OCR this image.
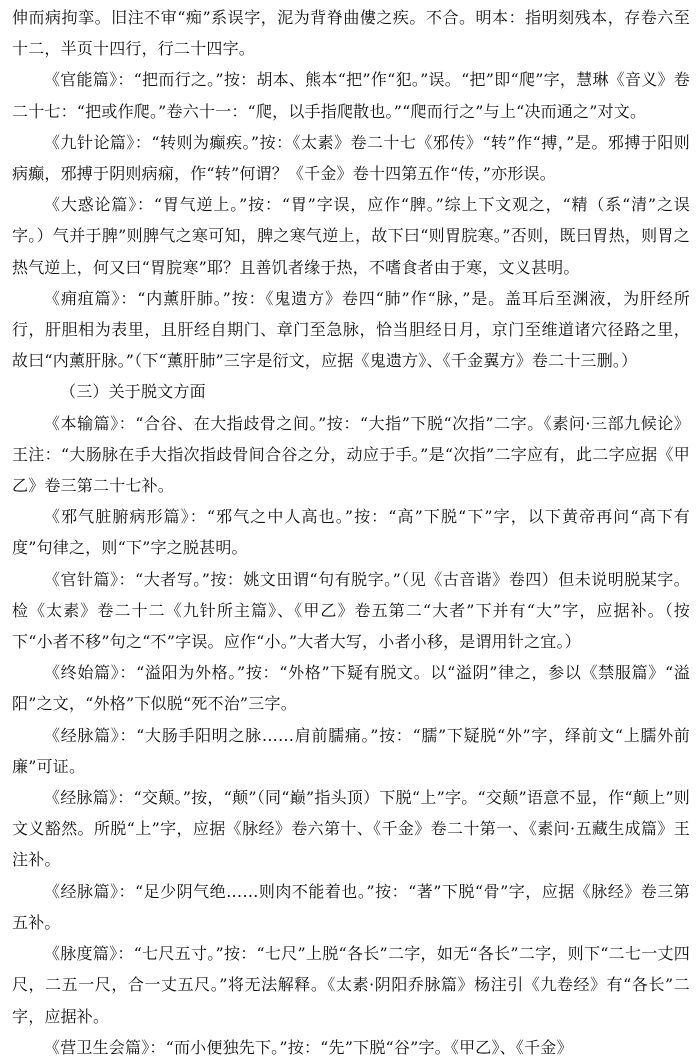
伸而病拘挛。旧注不审“痴”系误字，泥为背脊曲僂之疾。不合。明本：指明刻残本，存卷六至十二，半页十四行，行二十四字。

《官能篇》：“把而行之。”按：胡本、熊本“把”作“犯。”误。“把”即“爬”字，慧琳《音义》卷二十七：“把或作爬。”卷六十一：“爬，以手指爬散也。”“爬而行之”与上“决而通之”对文。

《九针论篇》：“转则为癫疾。”按：《太素》卷二十七《邪传》“转”作“搏，”是。邪搏于阳则病癫，邪搏于阴则病痫，作“转”何谓？《千金》卷十四第五作“传，”亦形误。

《大惑论篇》：“胃气逆上。”按：“胃”字误，应作“脾。”综上下文观之，“精（系“清”之误字。）气并于脾”则脾气之寒可知，脾之寒气逆上，故下曰“则胃脘寒。”否则，既曰胃热，则胃之热气逆上，何又曰“胃脘寒”耶？且善饥者缘于热，不嗜食者由于寒，文义甚明。

《痈疽篇》：“内薰肝肺。”按：《鬼遗方》卷四“肺”作“脉，”是。盖耳后至渊液，为肝经所行，肝胆相为表里，且肝经自期门、章门至急脉，恰当胆经日月，京门至维道诸穴径路之里，故曰“内薰肝脉。”（下“薰肝肺”三字是衍文，应据《鬼遗方》、《千金翼方》卷二十三删。）

（三）关于脱文方面

《本输篇》：“合谷、在大指歧骨之间。”按：“大指”下脱“次指”二字。《素问·三部九候论》王注：“大肠脉在手大指次指歧骨间合谷之分，动应于手。”是“次指”二字应有，此二字应据《甲乙》卷三第二十七补。

《邪气脏腑病形篇》：“邪气之中人高也。”按：“高”下脱“下”字，以下黄帝再问“高下有度”句律之，则“下”字之脱甚明。

《官针篇》：“大者写。”按：姚文田谓“句有脱字。”（见《古音谐》卷四）但未说明脱某字。检《太素》卷二十二《九针所主篇》、《甲乙》卷五第二“大者”下并有“大”字，应据补。（按下“小者不移”句之“不”字误。应作“小。”大者大写，小者小移，是谓用针之宜。）

《终始篇》：“溢阳为外格。”按：“外格”下疑有脱文。以“溢阴”律之，参以《禁服篇》“溢阳”之文，“外格”下似脱“死不治”三字。

《经脉篇》：“大肠手阳明之脉……肩前臑痛。”按：“臑”下疑脱“外”字，绎前文“上臑外前廉”可证。

《经脉篇》：“交颠。”按，“颠”（同“巅”指头顶）下脱“上”字。“交颠”语意不显，作“颠上”则文义豁然。所脱“上”字，应据《脉经》卷六第十、《千金》卷二十第一、《素问·五藏生成篇》王注补。

《经脉篇》：“足少阴气绝……则肉不能着也。”按：“著”下脱“骨”字，应据《脉经》卷三第五补。

《脉度篇》：“七尺五寸。”按：“七尺”上脱“各长”二字，如无“各长”二字，则下“二七一丈四尺，二五一尺，合一丈五尺。”将无法解释。《太素·阴阳乔脉篇》杨注引《九卷经》有“各长”二字，应据补。

《营卫生会篇》：“而小便独先下。”按：“先”下脱“谷”字。《甲乙》、《千金》
